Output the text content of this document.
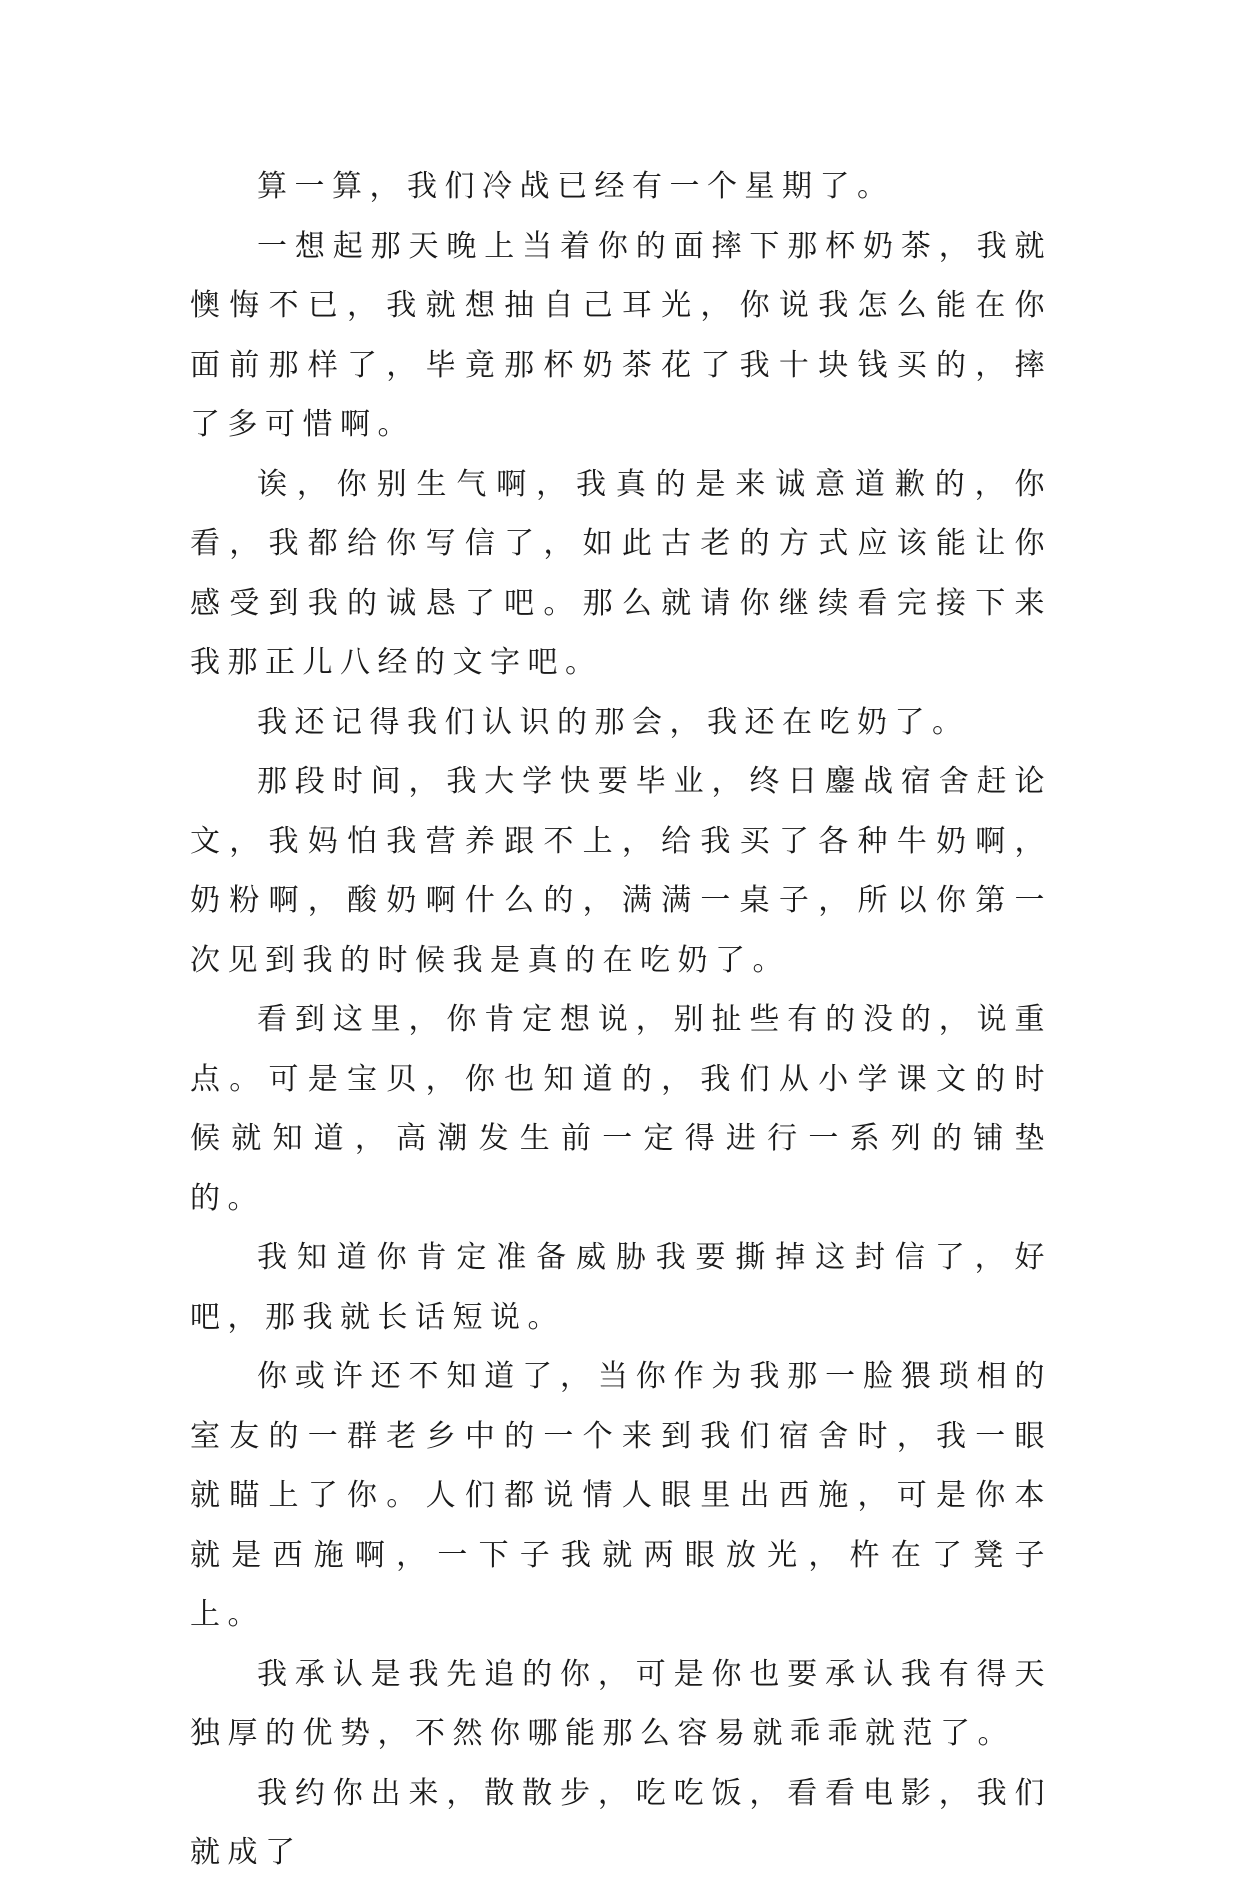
算一算，我们冷战已经有一个星期了。

一想起那天晚上当着你的面摔下那杯奶茶，我就懊悔不已，我就想抽自己耳光，你说我怎么能在你面前那样了，毕竟那杯奶茶花了我十块钱买的，摔了多可惜啊。

诶，你别生气啊，我真的是来诚意道歉的，你看，我都给你写信了，如此古老的方式应该能让你感受到我的诚恳了吧。那么就请你继续看完接下来我那正儿八经的文字吧。

我还记得我们认识的那会，我还在吃奶了。

那段时间，我大学快要毕业，终日鏖战宿舍赶论文，我妈怕我营养跟不上，给我买了各种牛奶啊，奶粉啊，酸奶啊什么的，满满一桌子，所以你第一次见到我的时候我是真的在吃奶了。

看到这里，你肯定想说，别扯些有的没的，说重点。可是宝贝，你也知道的，我们从小学课文的时候就知道，高潮发生前一定得进行一系列的铺垫的。

我知道你肯定准备威胁我要撕掉这封信了，好吧，那我就长话短说。

你或许还不知道了，当你作为我那一脸猥琐相的室友的一群老乡中的一个来到我们宿舍时，我一眼就瞄上了你。人们都说情人眼里出西施，可是你本就是西施啊，一下子我就两眼放光，杵在了凳子上。

我承认是我先追的你，可是你也要承认我有得天独厚的优势，不然你哪能那么容易就乖乖就范了。

我约你出来，散散步，吃吃饭，看看电影，我们就成了
